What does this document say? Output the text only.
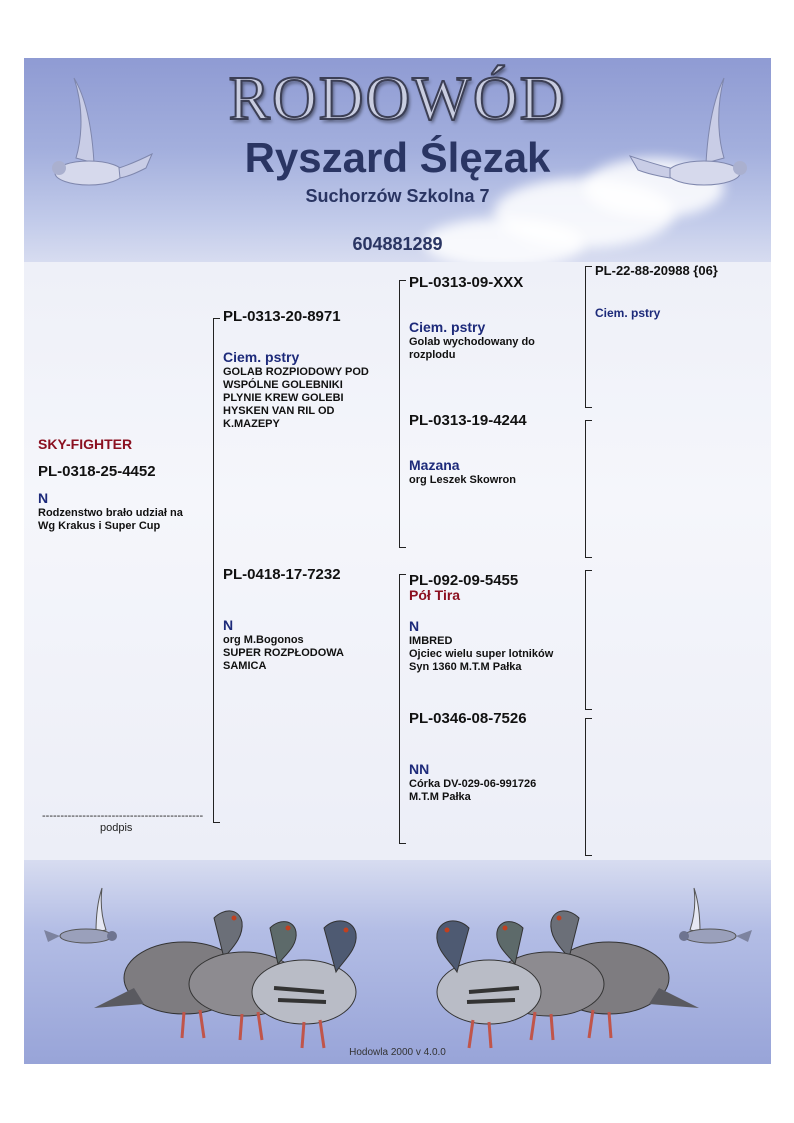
RODOWÓD
Ryszard Ślęzak
Suchorzów Szkolna 7
604881289
SKY-FIGHTER
PL-0318-25-4452
N
Rodzenstwo brało udział na
Wg Krakus i Super Cup
--------------------------------------------
podpis
PL-0313-20-8971
Ciem. pstry
GOLAB ROZPIODOWY POD
WSPÓLNE GOLEBNIKI
PLYNIE KREW GOLEBI
HYSKEN VAN RIL OD
K.MAZEPY
PL-0418-17-7232
N
org M.Bogonos
SUPER ROZPŁODOWA
SAMICA
PL-0313-09-XXX
Ciem. pstry
Golab wychodowany do
rozplodu
PL-0313-19-4244
Mazana
org Leszek Skowron
PL-092-09-5455
Pół Tira
N
IMBRED
Ojciec wielu super lotników
Syn 1360 M.T.M Pałka
PL-0346-08-7526
NN
Córka DV-029-06-991726
M.T.M Pałka
PL-22-88-20988 {06}
Ciem. pstry
Hodowla 2000 v 4.0.0
